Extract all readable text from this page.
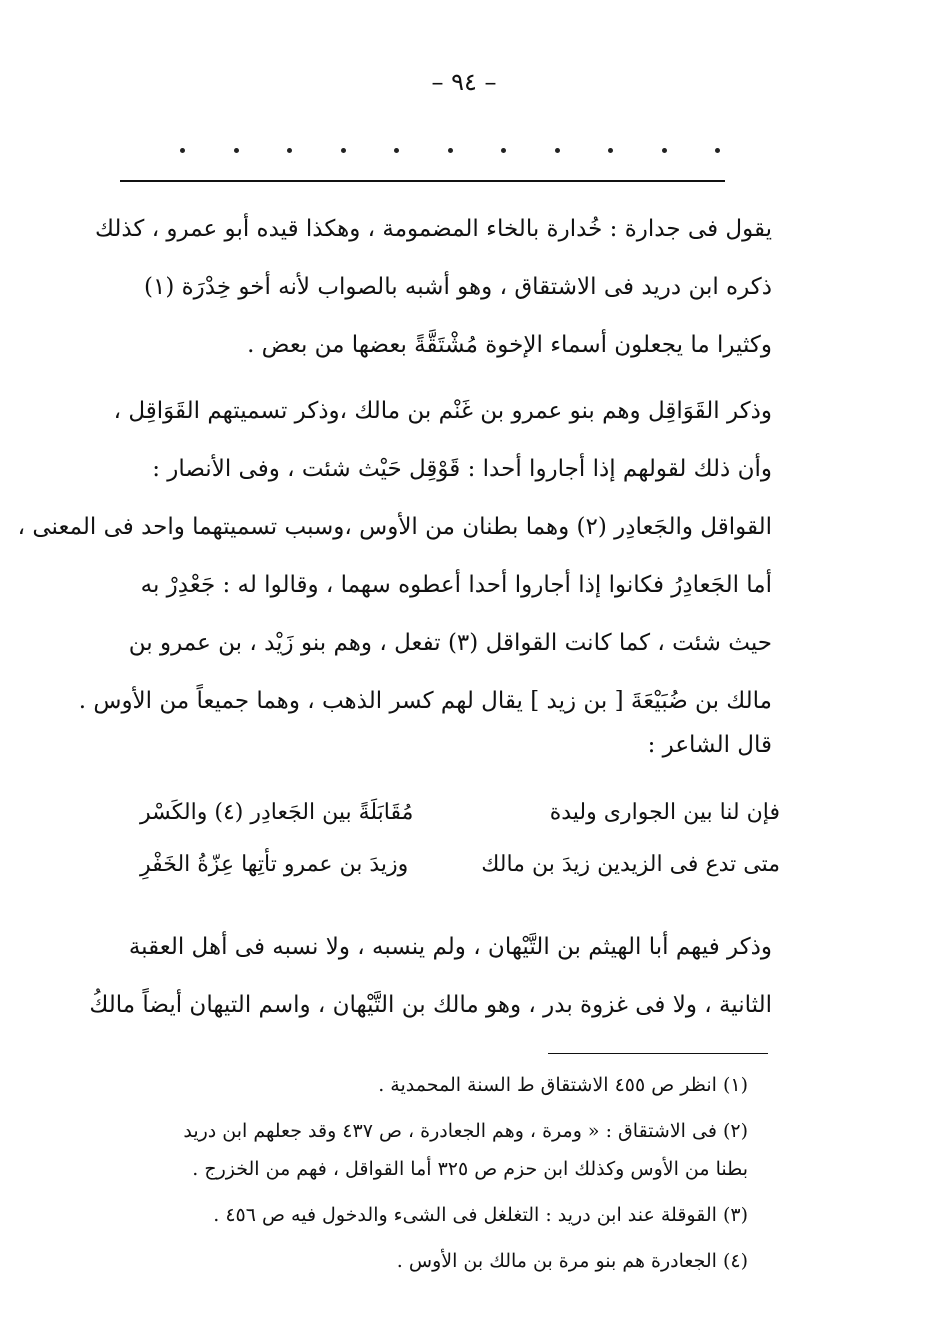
– ٩٤ –
يقول فى جدارة : خُدارة بالخاء المضمومة ، وهكذا قيده أبو عمرو ، كذلك
ذكره ابن دريد فى الاشتقاق ، وهو أشبه بالصواب لأنه أخو خِدْرَة (١)
وكثيرا ما يجعلون أسماء الإخوة مُشْتَقَّةً بعضها من بعض .
وذكر القَوَاقِل وهم بنو عمرو بن غَنْم بن مالك ،وذكر تسميتهم القَوَاقِل ،
وأن ذلك لقولهم إذا أجاروا أحدا : قَوْقِل حَيْث شئت ، وفى الأنصار :
القواقل والجَعادِر (٢) وهما بطنان من الأوس ،وسبب تسميتهما واحد فى المعنى ،
أما الجَعادِرُ فكانوا إذا أجاروا أحدا أعطوه سهما ، وقالوا له : جَعْدِرْ به
حيث شئت ، كما كانت القواقل (٣) تفعل ، وهم بنو زَيْد ، بن عمرو بن
مالك بن ضُبَيْعَةَ [ بن زيد ] يقال لهم كسر الذهب ، وهما جميعاً من الأوس .
قال الشاعر :
فإن لنا بين الجوارى وليدة
مُقَابَلَةً بين الجَعادِر (٤) والكَسْر
متى تدع فى الزيدين زيدَ بن مالك
وزيدَ بن عمرو تأتِها عِزّةُ الخَفْرِ
وذكر فيهم أبا الهيثم بن التَّيْهان ، ولم ينسبه ، ولا نسبه فى أهل العقبة
الثانية ، ولا فى غزوة بدر ، وهو مالك بن التَّيْهان ، واسم التيهان أيضاً مالكُ
(١) انظر ص ٤٥٥ الاشتقاق ط السنة المحمدية .
(٢) فى الاشتقاق : « ومرة ، وهم الجعادرة ، ص ٤٣٧ وقد جعلهم ابن دريد
بطنا من الأوس وكذلك ابن حزم ص ٣٢٥ أما القواقل ، فهم من الخزرج .
(٣) القوقلة عند ابن دريد : التغلغل فى الشىء والدخول فيه ص ٤٥٦ .
(٤) الجعادرة هم بنو مرة بن مالك بن الأوس .
